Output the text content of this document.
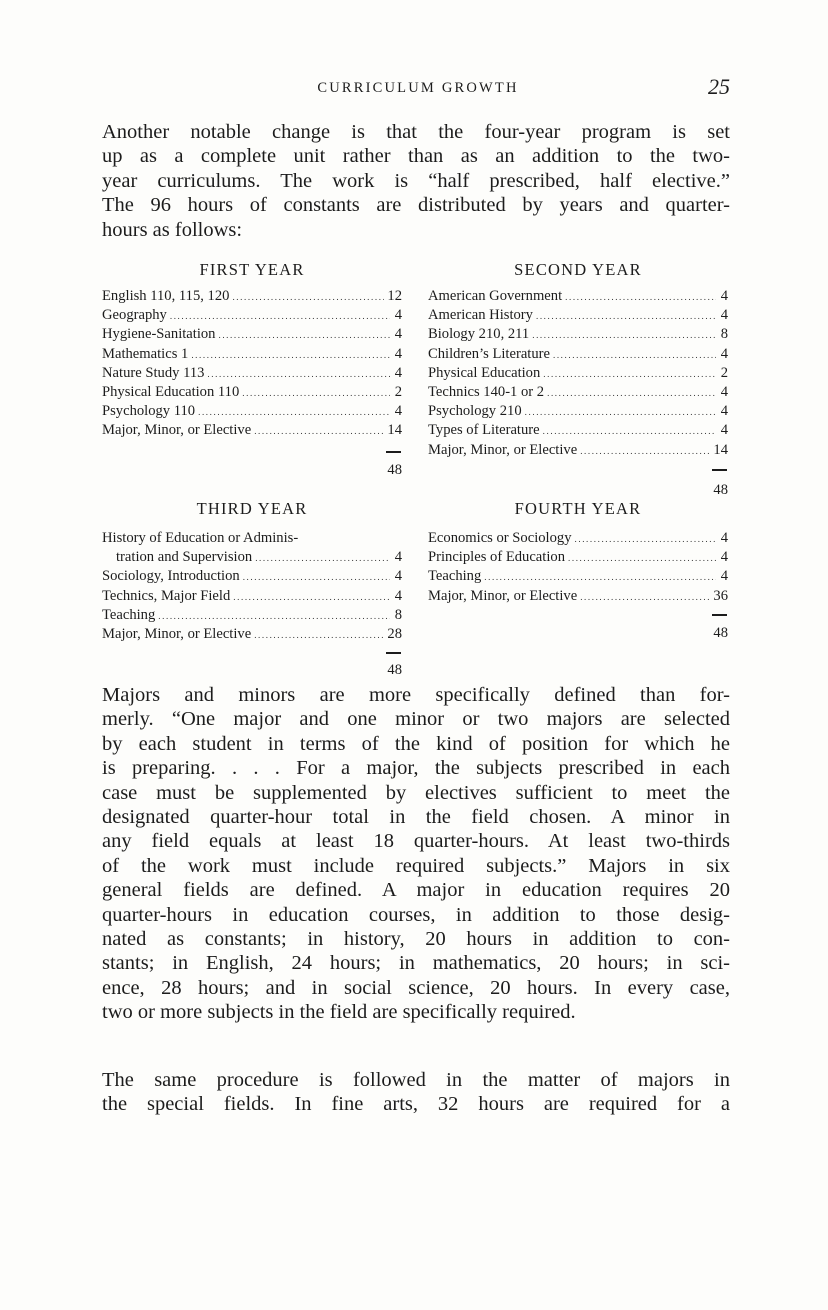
CURRICULUM GROWTH	25

Another notable change is that the four-year program is set
up as a complete unit rather than as an addition to the two-
year curriculums. The work is “half prescribed, half elective.”
The 96 hours of constants are distributed by years and quarter-
hours as follows:

FIRST YEAR
English 110, 115, 120 .....	12
Geography .....	4
Hygiene-Sanitation .....	4
Mathematics 1 .....	4
Nature Study 113 .....	4
Physical Education 110 .....	2
Psychology 110 .....	4
Major, Minor, or Elective .....	14
48
SECOND YEAR
American Government .....	4
American History .....	4
Biology 210, 211 .....	8
Children’s Literature .....	4
Physical Education .....	2
Technics 140-1 or 2 .....	4
Psychology 210 .....	4
Types of Literature .....	4
Major, Minor, or Elective .....	14
48
THIRD YEAR
History of Education or Adminis-
tration and Supervision .....	4
Sociology, Introduction .....	4
Technics, Major Field .....	4
Teaching .....	8
Major, Minor, or Elective .....	28
48
FOURTH YEAR
Economics or Sociology .....	4
Principles of Education .....	4
Teaching .....	4
Major, Minor, or Elective .....	36
48

Majors and minors are more specifically defined than for-
merly. “One major and one minor or two majors are selected
by each student in terms of the kind of position for which he
is preparing. . . . For a major, the subjects prescribed in each
case must be supplemented by electives sufficient to meet the
designated quarter-hour total in the field chosen. A minor in
any field equals at least 18 quarter-hours. At least two-thirds
of the work must include required subjects.” Majors in six
general fields are defined. A major in education requires 20
quarter-hours in education courses, in addition to those desig-
nated as constants; in history, 20 hours in addition to con-
stants; in English, 24 hours; in mathematics, 20 hours; in sci-
ence, 28 hours; and in social science, 20 hours. In every case,
two or more subjects in the field are specifically required.

The same procedure is followed in the matter of majors in
the special fields. In fine arts, 32 hours are required for a
